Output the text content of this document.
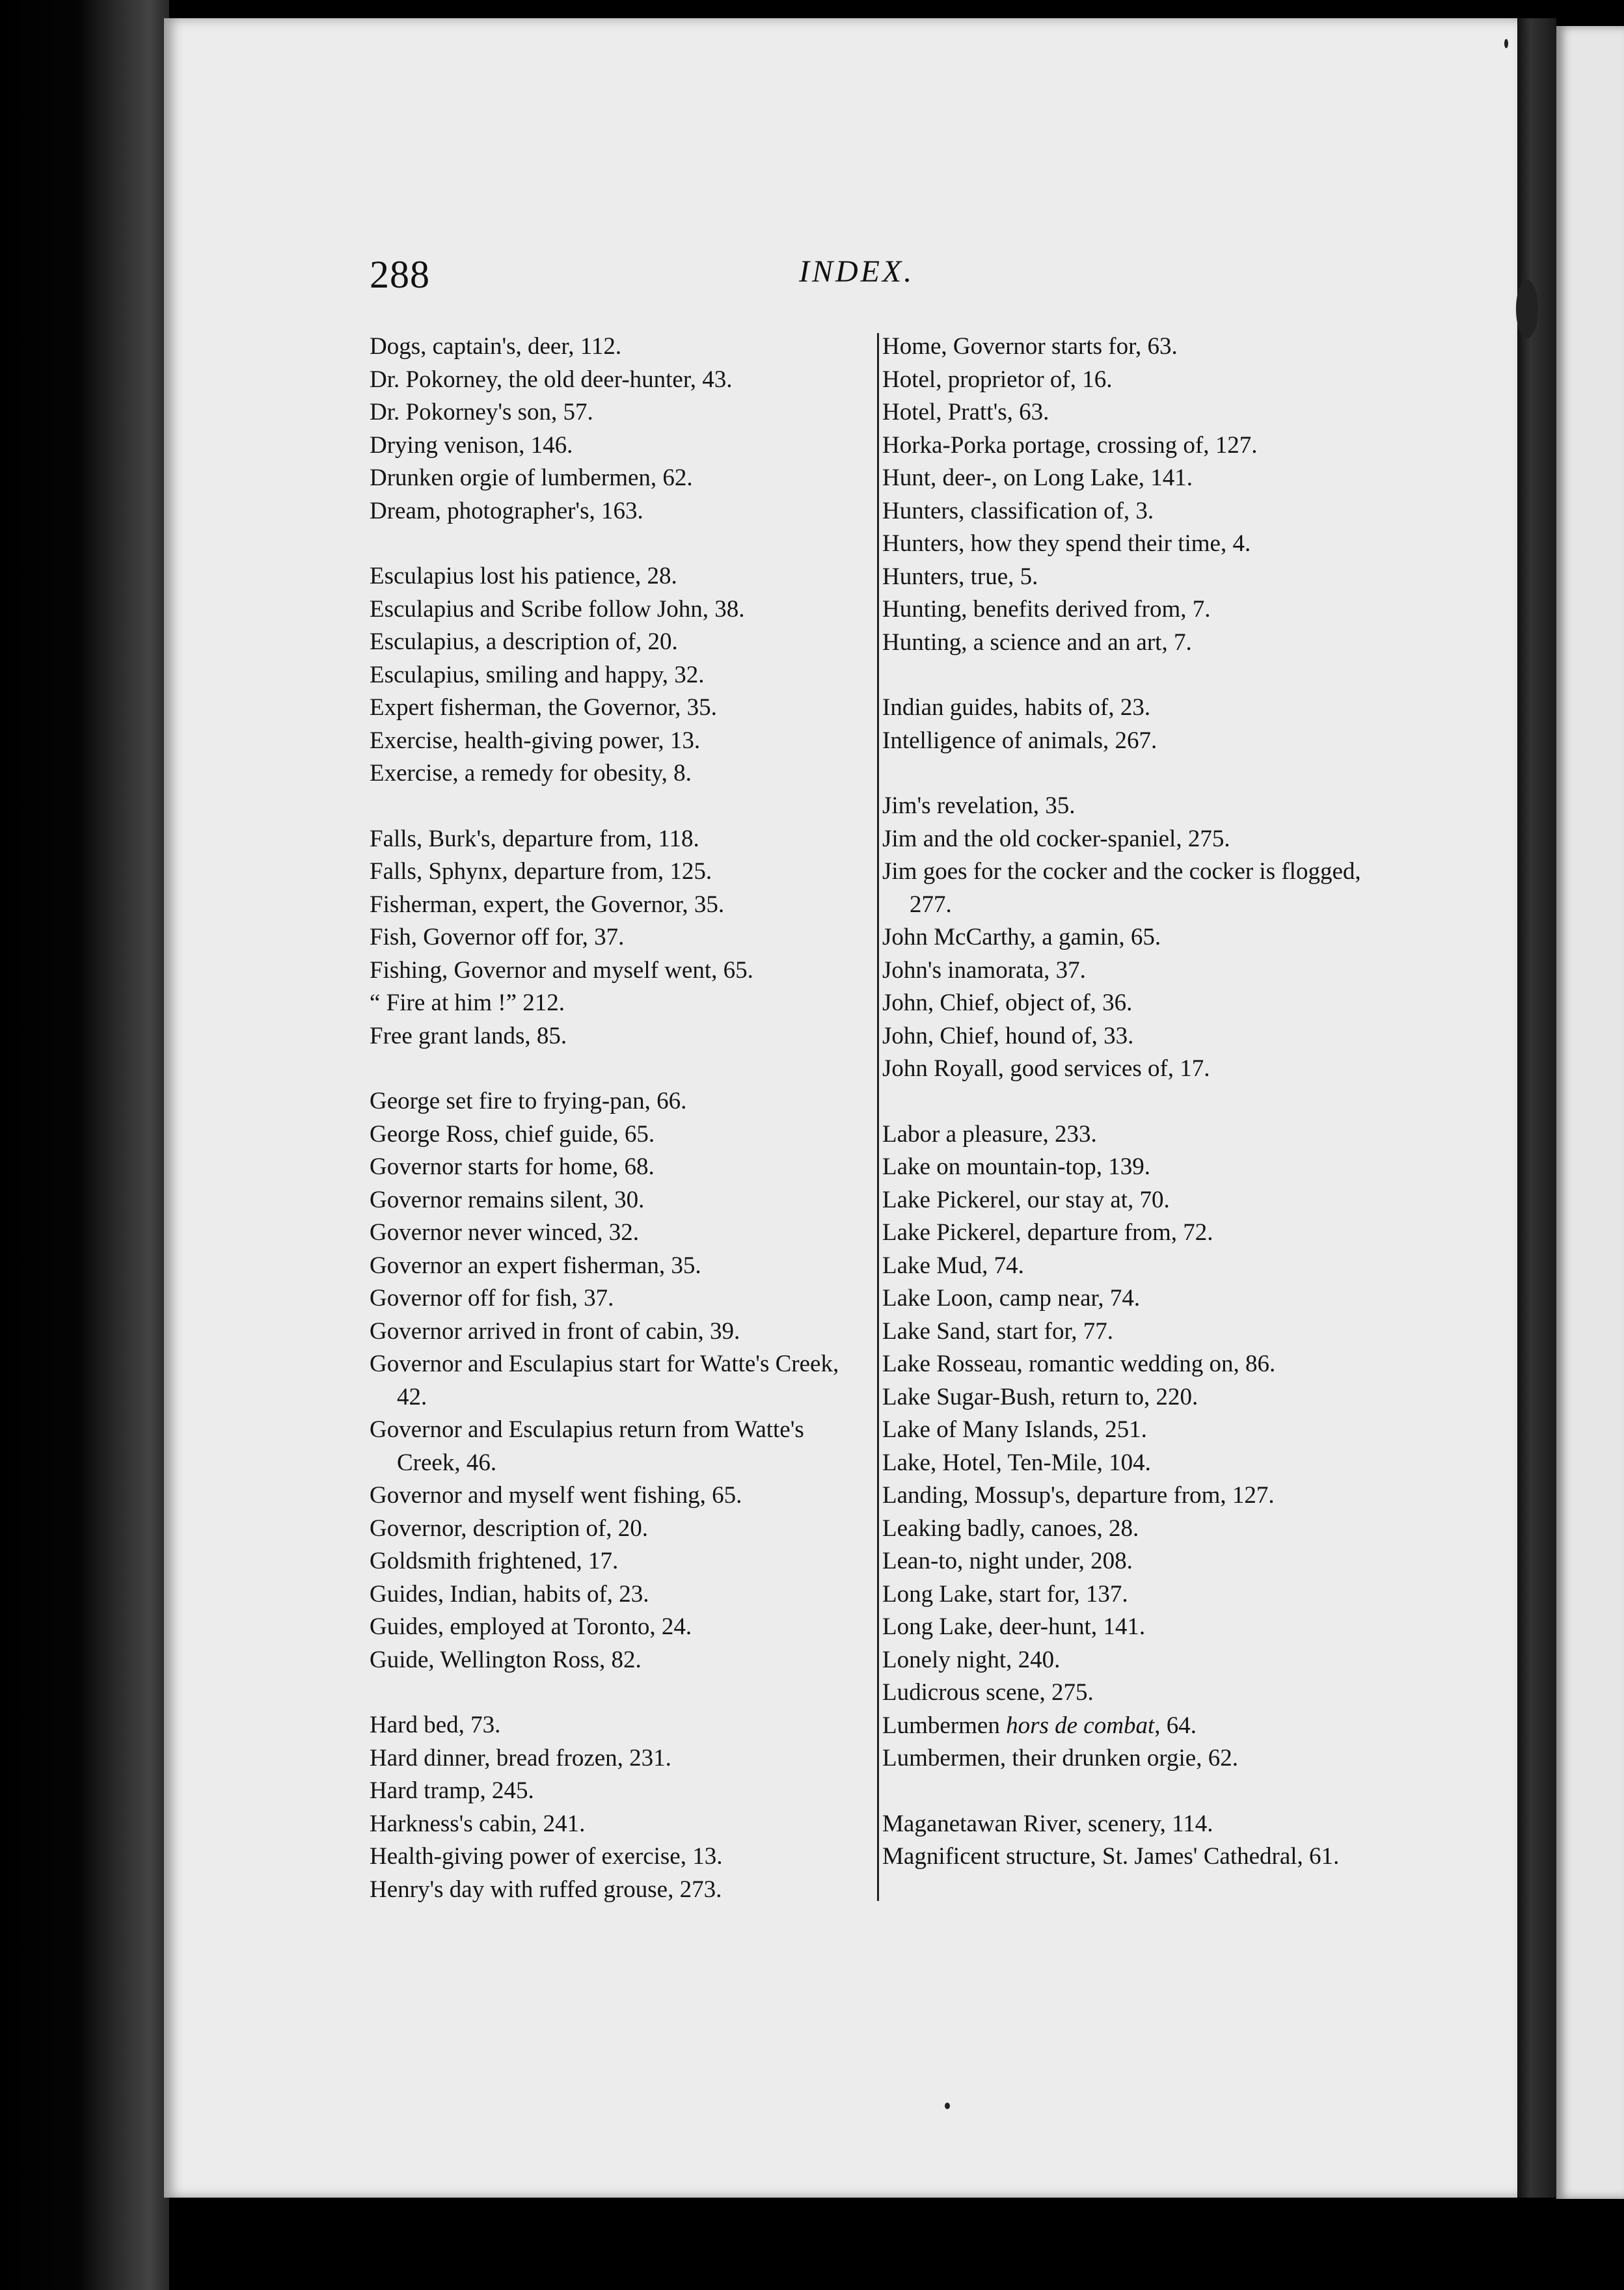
288	INDEX.
Dogs, captain's, deer, 112.
Dr. Pokorney, the old deer-hunter, 43.
Dr. Pokorney's son, 57.
Drying venison, 146.
Drunken orgie of lumbermen, 62.
Dream, photographer's, 163.
Esculapius lost his patience, 28.
Esculapius and Scribe follow John, 38.
Esculapius, a description of, 20.
Esculapius, smiling and happy, 32.
Expert fisherman, the Governor, 35.
Exercise, health-giving power, 13.
Exercise, a remedy for obesity, 8.
Falls, Burk's, departure from, 118.
Falls, Sphynx, departure from, 125.
Fisherman, expert, the Governor, 35.
Fish, Governor off for, 37.
Fishing, Governor and myself went, 65.
“ Fire at him !” 212.
Free grant lands, 85.
George set fire to frying-pan, 66.
George Ross, chief guide, 65.
Governor starts for home, 68.
Governor remains silent, 30.
Governor never winced, 32.
Governor an expert fisherman, 35.
Governor off for fish, 37.
Governor arrived in front of cabin, 39.
Governor and Esculapius start for Watte's Creek, 42.
Governor and Esculapius return from Watte's Creek, 46.
Governor and myself went fishing, 65.
Governor, description of, 20.
Goldsmith frightened, 17.
Guides, Indian, habits of, 23.
Guides, employed at Toronto, 24.
Guide, Wellington Ross, 82.
Hard bed, 73.
Hard dinner, bread frozen, 231.
Hard tramp, 245.
Harkness's cabin, 241.
Health-giving power of exercise, 13.
Henry's day with ruffed grouse, 273.
Home, Governor starts for, 63.
Hotel, proprietor of, 16.
Hotel, Pratt's, 63.
Horka-Porka portage, crossing of, 127.
Hunt, deer-, on Long Lake, 141.
Hunters, classification of, 3.
Hunters, how they spend their time, 4.
Hunters, true, 5.
Hunting, benefits derived from, 7.
Hunting, a science and an art, 7.
Indian guides, habits of, 23.
Intelligence of animals, 267.
Jim's revelation, 35.
Jim and the old cocker-spaniel, 275.
Jim goes for the cocker and the cocker is flogged, 277.
John McCarthy, a gamin, 65.
John's inamorata, 37.
John, Chief, object of, 36.
John, Chief, hound of, 33.
John Royall, good services of, 17.
Labor a pleasure, 233.
Lake on mountain-top, 139.
Lake Pickerel, our stay at, 70.
Lake Pickerel, departure from, 72.
Lake Mud, 74.
Lake Loon, camp near, 74.
Lake Sand, start for, 77.
Lake Rosseau, romantic wedding on, 86.
Lake Sugar-Bush, return to, 220.
Lake of Many Islands, 251.
Lake, Hotel, Ten-Mile, 104.
Landing, Mossup's, departure from, 127.
Leaking badly, canoes, 28.
Lean-to, night under, 208.
Long Lake, start for, 137.
Long Lake, deer-hunt, 141.
Lonely night, 240.
Ludicrous scene, 275.
Lumbermen hors de combat, 64.
Lumbermen, their drunken orgie, 62.
Maganetawan River, scenery, 114.
Magnificent structure, St. James' Cathedral, 61.
